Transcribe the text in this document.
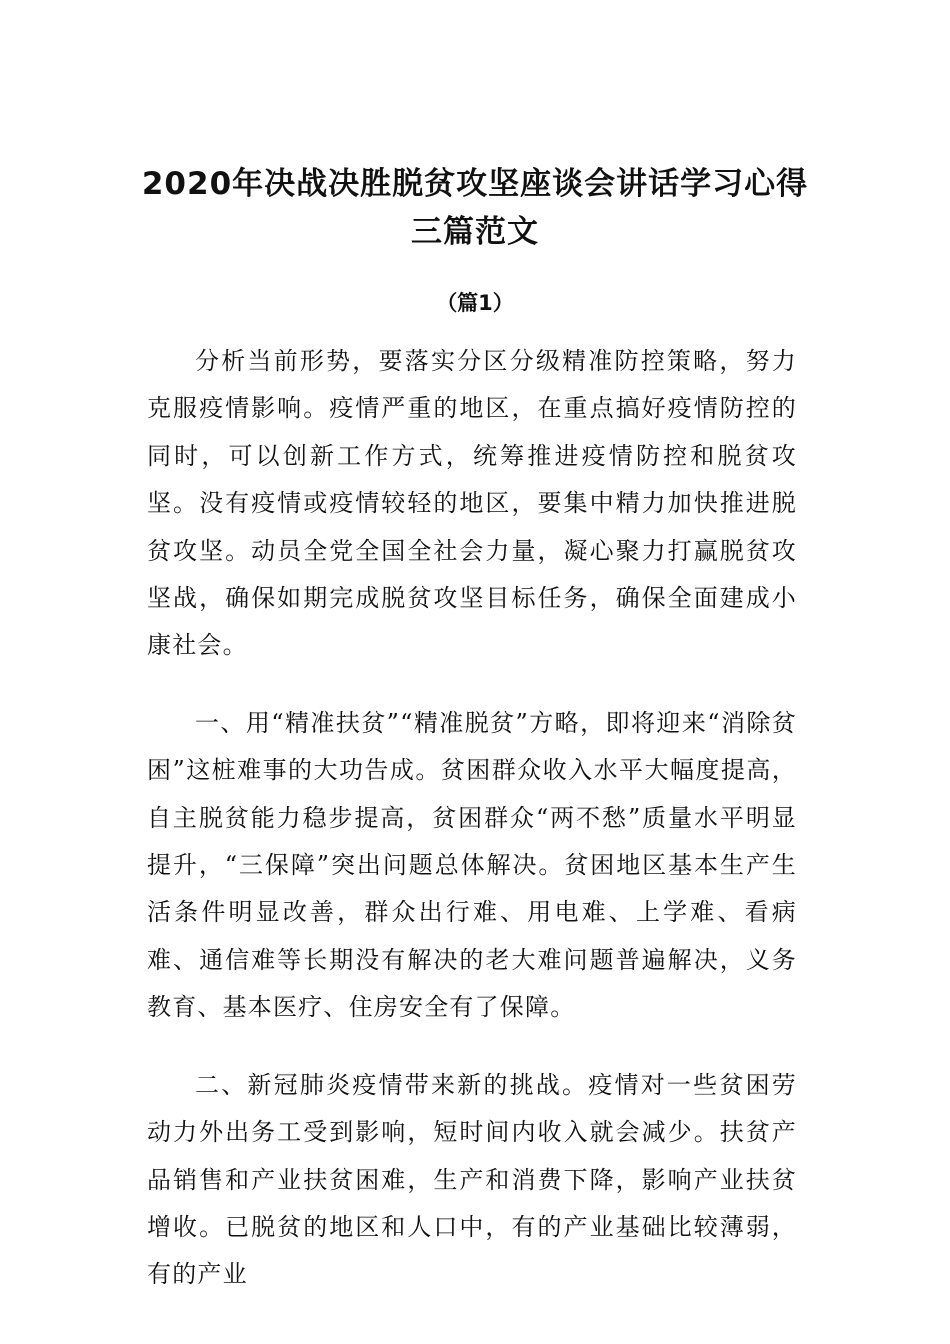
2020年决战决胜脱贫攻坚座谈会讲话学习心得三篇范文
（篇1）

分析当前形势，要落实分区分级精准防控策略，努力克服疫情影响。疫情严重的地区，在重点搞好疫情防控的同时，可以创新工作方式，统筹推进疫情防控和脱贫攻坚。没有疫情或疫情较轻的地区，要集中精力加快推进脱贫攻坚。动员全党全国全社会力量，凝心聚力打赢脱贫攻坚战，确保如期完成脱贫攻坚目标任务，确保全面建成小康社会。

一、用“精准扶贫”“精准脱贫”方略，即将迎来“消除贫困”这桩难事的大功告成。贫困群众收入水平大幅度提高，自主脱贫能力稳步提高，贫困群众“两不愁”质量水平明显提升，“三保障”突出问题总体解决。贫困地区基本生产生活条件明显改善，群众出行难、用电难、上学难、看病难、通信难等长期没有解决的老大难问题普遍解决，义务教育、基本医疗、住房安全有了保障。

二、新冠肺炎疫情带来新的挑战。疫情对一些贫困劳动力外出务工受到影响，短时间内收入就会减少。扶贫产品销售和产业扶贫困难，生产和消费下降，影响产业扶贫增收。已脱贫的地区和人口中，有的产业基础比较薄弱，有的产业
